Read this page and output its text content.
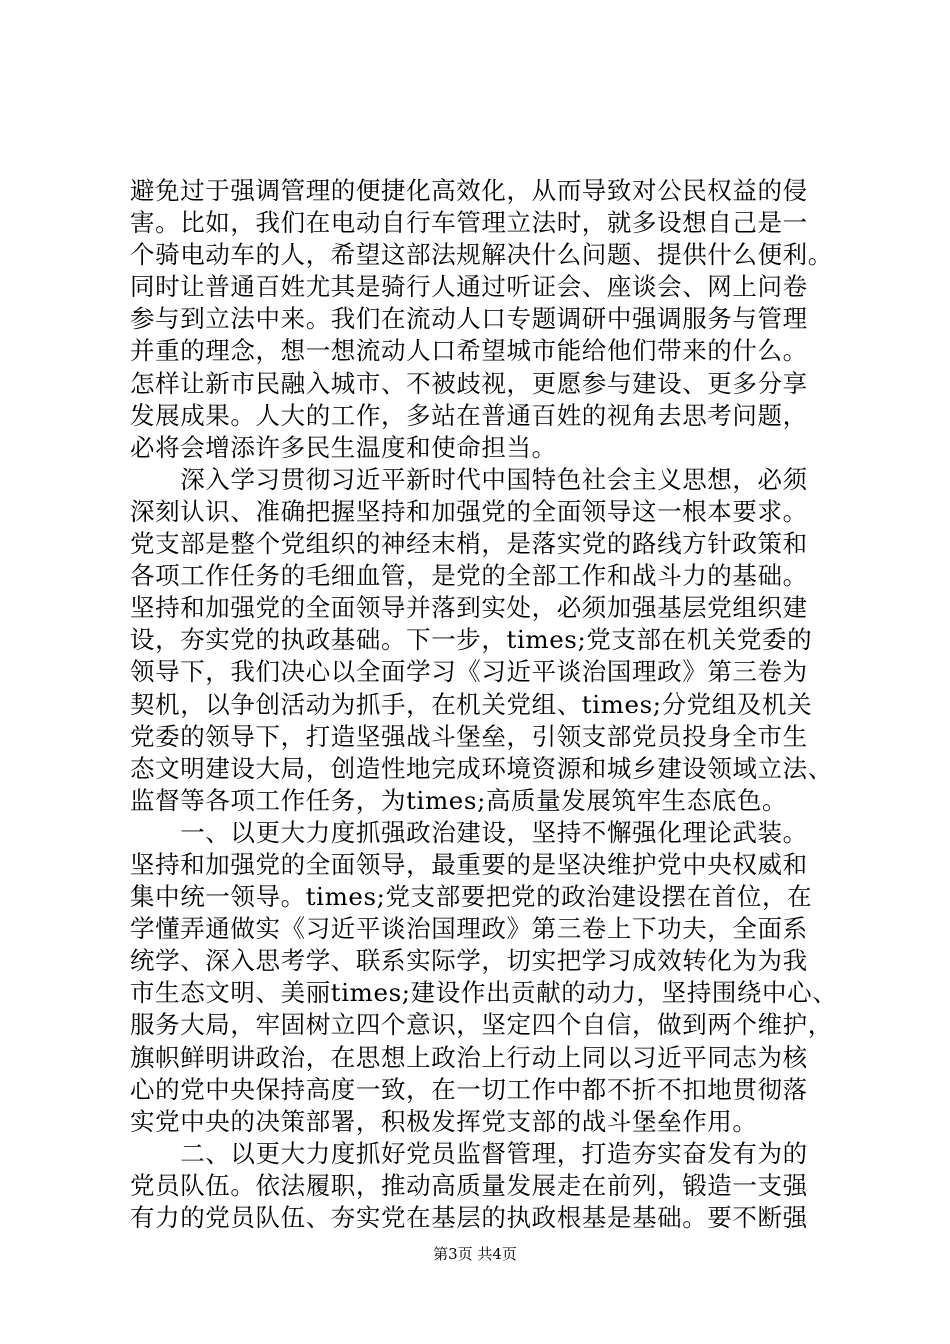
避免过于强调管理的便捷化高效化，从而导致对公民权益的侵
害。比如，我们在电动自行车管理立法时，就多设想自己是一
个骑电动车的人，希望这部法规解决什么问题、提供什么便利。
同时让普通百姓尤其是骑行人通过听证会、座谈会、网上问卷
参与到立法中来。我们在流动人口专题调研中强调服务与管理
并重的理念，想一想流动人口希望城市能给他们带来的什么。
怎样让新市民融入城市、不被歧视，更愿参与建设、更多分享
发展成果。人大的工作，多站在普通百姓的视角去思考问题，
必将会增添许多民生温度和使命担当。
　　深入学习贯彻习近平新时代中国特色社会主义思想，必须
深刻认识、准确把握坚持和加强党的全面领导这一根本要求。
党支部是整个党组织的神经末梢，是落实党的路线方针政策和
各项工作任务的毛细血管，是党的全部工作和战斗力的基础。
坚持和加强党的全面领导并落到实处，必须加强基层党组织建
设，夯实党的执政基础。下一步，times;党支部在机关党委的
领导下，我们决心以全面学习《习近平谈治国理政》第三卷为
契机，以争创活动为抓手，在机关党组、times;分党组及机关
党委的领导下，打造坚强战斗堡垒，引领支部党员投身全市生
态文明建设大局，创造性地完成环境资源和城乡建设领域立法、
监督等各项工作任务，为times;高质量发展筑牢生态底色。
　　一、以更大力度抓强政治建设，坚持不懈强化理论武装。
坚持和加强党的全面领导，最重要的是坚决维护党中央权威和
集中统一领导。times;党支部要把党的政治建设摆在首位，在
学懂弄通做实《习近平谈治国理政》第三卷上下功夫，全面系
统学、深入思考学、联系实际学，切实把学习成效转化为为我
市生态文明、美丽times;建设作出贡献的动力，坚持围绕中心、
服务大局，牢固树立四个意识，坚定四个自信，做到两个维护，
旗帜鲜明讲政治，在思想上政治上行动上同以习近平同志为核
心的党中央保持高度一致，在一切工作中都不折不扣地贯彻落
实党中央的决策部署，积极发挥党支部的战斗堡垒作用。
　　二、以更大力度抓好党员监督管理，打造夯实奋发有为的
党员队伍。依法履职，推动高质量发展走在前列，锻造一支强
有力的党员队伍、夯实党在基层的执政根基是基础。要不断强
第3页 共4页
